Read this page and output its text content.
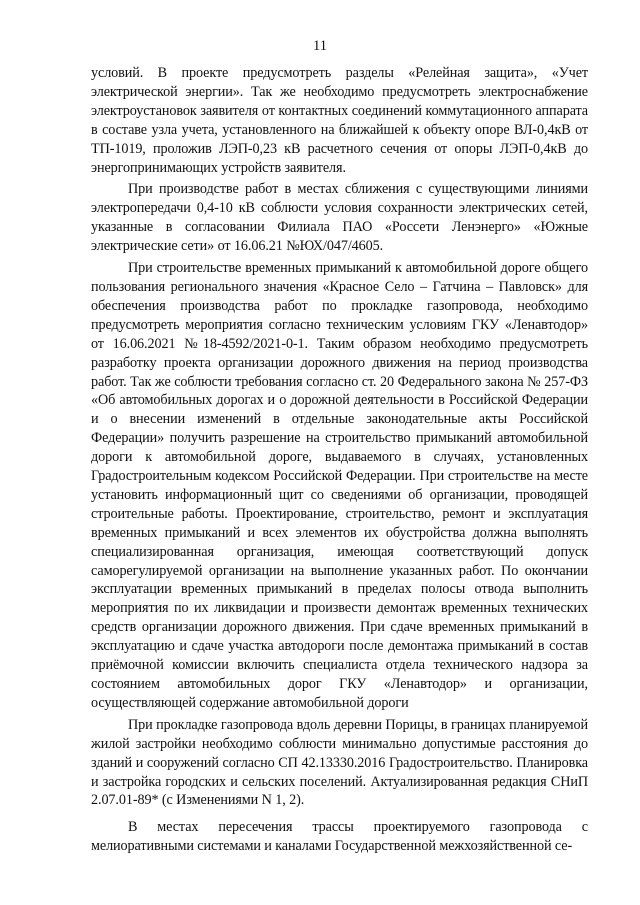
11

условий. В проекте предусмотреть разделы «Релейная защита», «Учет электрической энергии». Так же необходимо предусмотреть электроснабжение электроустановок заявителя от контактных соединений коммутационного аппарата в составе узла учета, установленного на ближайшей к объекту опоре ВЛ-0,4кВ от ТП-1019, проложив ЛЭП-0,23 кВ расчетного сечения от опоры ЛЭП-0,4кВ до энергопринимающих устройств заявителя.

При производстве работ в местах сближения с существующими линиями электропередачи 0,4-10 кВ соблюсти условия сохранности электрических сетей, указанные в согласовании Филиала ПАО «Россети Ленэнерго» «Южные электрические сети» от 16.06.21 №ЮХ/047/4605.

При строительстве временных примыканий к автомобильной дороге общего пользования регионального значения «Красное Село – Гатчина – Павловск» для обеспечения производства работ по прокладке газопровода, необходимо предусмотреть мероприятия согласно техническим условиям ГКУ «Ленавтодор» от 16.06.2021 №18-4592/2021-0-1. Таким образом необходимо предусмотреть разработку проекта организации дорожного движения на период производства работ. Так же соблюсти требования согласно ст. 20 Федерального закона № 257-ФЗ «Об автомобильных дорогах и о дорожной деятельности в Российской Федерации и о внесении изменений в отдельные законодательные акты Российской Федерации» получить разрешение на строительство примыканий автомобильной дороги к автомобильной дороге, выдаваемого в случаях, установленных Градостроительным кодексом Российской Федерации. При строительстве на месте установить информационный щит со сведениями об организации, проводящей строительные работы. Проектирование, строительство, ремонт и эксплуатация временных примыканий и всех элементов их обустройства должна выполнять специализированная организация, имеющая соответствующий допуск саморегулируемой организации на выполнение указанных работ. По окончании эксплуатации временных примыканий в пределах полосы отвода выполнить мероприятия по их ликвидации и произвести демонтаж временных технических средств организации дорожного движения. При сдаче временных примыканий в эксплуатацию и сдаче участка автодороги после демонтажа примыканий в состав приёмочной комиссии включить специалиста отдела технического надзора за состоянием автомобильных дорог ГКУ «Ленавтодор» и организации, осуществляющей содержание автомобильной дороги

При прокладке газопровода вдоль деревни Порицы, в границах планируемой жилой застройки необходимо соблюсти минимально допустимые расстояния до зданий и сооружений согласно СП 42.13330.2016 Градостроительство. Планировка и застройка городских и сельских поселений. Актуализированная редакция СНиП 2.07.01-89* (с Изменениями N 1, 2).

В местах пересечения трассы проектируемого газопровода с мелиоративными системами и каналами Государственной межхозяйственной се-
